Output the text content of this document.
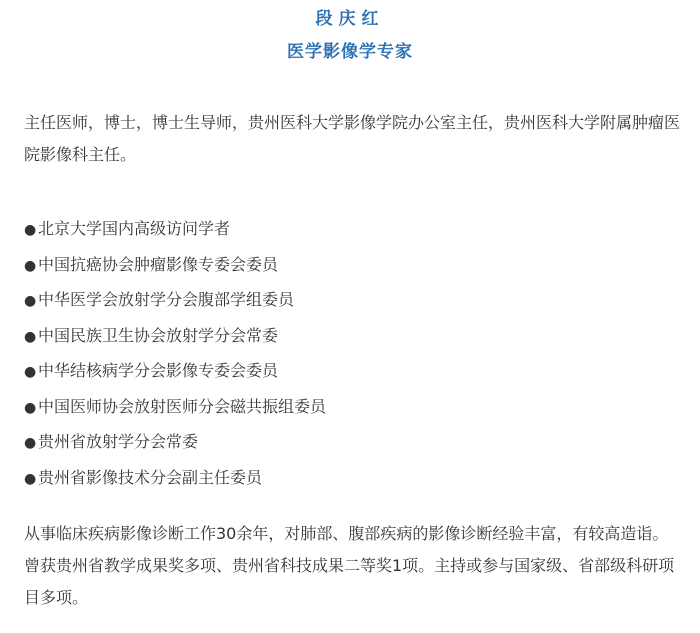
段庆红
医学影像学专家

主任医师，博士，博士生导师，贵州医科大学影像学院办公室主任，贵州医科大学附属肿瘤医院影像科主任。

● 北京大学国内高级访问学者
● 中国抗癌协会肿瘤影像专委会委员
● 中华医学会放射学分会腹部学组委员
● 中国民族卫生协会放射学分会常委
● 中华结核病学分会影像专委会委员
● 中国医师协会放射医师分会磁共振组委员
● 贵州省放射学分会常委
● 贵州省影像技术分会副主任委员

从事临床疾病影像诊断工作30余年，对肺部、腹部疾病的影像诊断经验丰富，有较高造诣。曾获贵州省教学成果奖多项、贵州省科技成果二等奖1项。主持或参与国家级、省部级科研项目多项。
